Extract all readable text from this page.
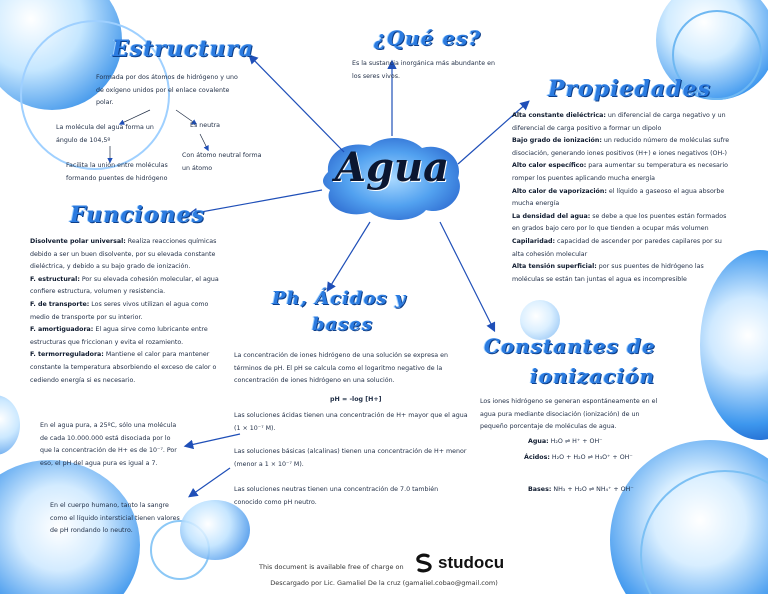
Agua
Estructura
Formada por dos átomos de hidrógeno y uno de oxígeno unidos por el enlace covalente polar.
La molécula del agua forma un ángulo de 104,5º
Es neutra
Con átomo neutral forma un átomo
Facilita la unión entre moléculas formando puentes de hidrógeno
¿Qué es?
Es la sustancia inorgánica más abundante en los seres vivos.	Propiedades
Alta constante dieléctrica: un diferencial de carga negativo y un diferencial de carga positivo a formar un dipolo
Bajo grado de ionización: un reducido número de moléculas sufre disociación, generando iones positivos (H+) e iones negativos (OH-)
Alto calor específico: para aumentar su temperatura es necesario romper los puentes aplicando mucha energía
Alto calor de vaporización: el líquido a gaseoso el agua absorbe mucha energía
La densidad del agua: se debe a que los puentes están formados en grados bajo cero por lo que tienden a ocupar más volumen
Capilaridad: capacidad de ascender por paredes capilares por su alta cohesión molecular
Alta tensión superficial: por sus puentes de hidrógeno las moléculas se están tan juntas el agua es incompresible
Funciones
Disolvente polar universal: Realiza reacciones químicas debido a ser un buen disolvente, por su elevada constante dieléctrica, y debido a su bajo grado de ionización.
F. estructural: Por su elevada cohesión molecular, el agua confiere estructura, volumen y resistencia.
F. de transporte: Los seres vivos utilizan el agua como medio de transporte por su interior.
F. amortiguadora: El agua sirve como lubricante entre estructuras que friccionan y evita el rozamiento.
F. termorreguladora: Mantiene el calor para mantener constante la temperatura absorbiendo el exceso de calor o cediendo energía si es necesario.
Ph, Ácidos y
bases
La concentración de iones hidrógeno de una solución se expresa en términos de pH. El pH se calcula como el logaritmo negativo de la concentración de iones hidrógeno en una solución.
pH = -log [H+]
Las soluciones ácidas tienen una concentración de H+ mayor que el agua (1 × 10⁻⁷ M).
Las soluciones básicas (alcalinas) tienen una concentración de H+ menor (menor a 1 × 10⁻⁷ M).
Las soluciones neutras tienen una concentración de 7.0 también conocido como pH neutro.
En el agua pura, a 25ºC, sólo una molécula de cada 10.000.000 está disociada por lo que la concentración de H+ es de 10⁻⁷. Por eso, el pH del agua pura es igual a 7.
En el cuerpo humano, tanto la sangre como el líquido intersticial tienen valores de pH rondando lo neutro.
Constantes de
ionización
Los iones hidrógeno se generan espontáneamente en el agua pura mediante disociación (ionización) de un pequeño porcentaje de moléculas de agua.
Agua: H₂O ⇌ H⁺ + OH⁻
Ácidos: H₂O + H₂O ⇌ H₃O⁺ + OH⁻
Bases: NH₃ + H₂O ⇌ NH₄⁺ + OH⁻
This document is available free of charge on	studocu
Descargado por Lic. Gamaliel De la cruz (gamaliel.cobao@gmail.com)
